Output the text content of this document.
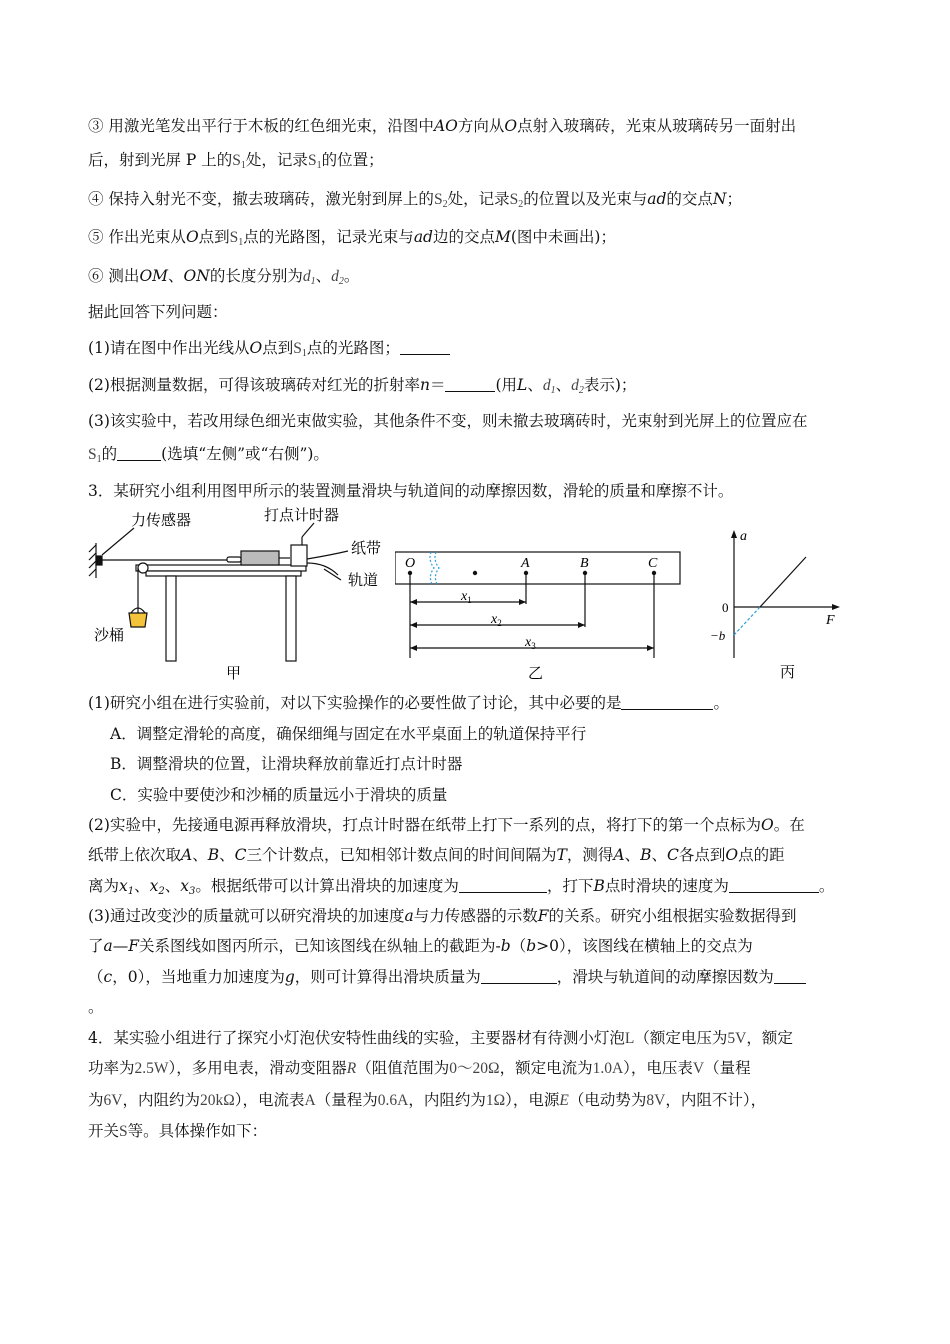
③ 用激光笔发出平行于木板的红色细光束，沿图中AO方向从O点射入玻璃砖，光束从玻璃砖另一面射出
后，射到光屏 P 上的$S_1$处，记录$S_1$的位置；
④ 保持入射光不变，撤去玻璃砖，激光射到屏上的$S_2$处，记录$S_2$的位置以及光束与ad的交点N；
⑤ 作出光束从O点到$S_1$点的光路图，记录光束与ad边的交点M(图中未画出)；
⑥ 测出OM、ON的长度分别为$d_1$、$d_2$。
据此回答下列问题：
(1)请在图中作出光线从O点到$S_1$点的光路图；
(2)根据测量数据，可得该玻璃砖对红光的折射率n＝	(用L、$d_1$、$d_2$表示)；
(3)该实验中，若改用绿色细光束做实验，其他条件不变，则未撤去玻璃砖时，光束射到光屏上的位置应在
$S_1$的	(选填“左侧”或“右侧”)。
3．某研究小组利用图甲所示的装置测量滑块与轨道间的动摩擦因数，滑轮的质量和摩擦不计。
力传感器	打点计时器
纸带
轨道
沙桶
甲
O	A	B	C
$x_1$
$x_2$
$x_3$
乙
a
F
0
−b
丙
(1)研究小组在进行实验前，对以下实验操作的必要性做了讨论，其中必要的是	。
A．调整定滑轮的高度，确保细绳与固定在水平桌面上的轨道保持平行
B．调整滑块的位置，让滑块释放前靠近打点计时器
C．实验中要使沙和沙桶的质量远小于滑块的质量
(2)实验中，先接通电源再释放滑块，打点计时器在纸带上打下一系列的点，将打下的第一个点标为O。在
纸带上依次取A、B、C三个计数点，已知相邻计数点间的时间间隔为T，测得A、B、C各点到O点的距
离为$x_1$、$x_2$、$x_3$。根据纸带可以计算出滑块的加速度为	，打下B点时滑块的速度为	。
(3)通过改变沙的质量就可以研究滑块的加速度a与力传感器的示数F的关系。研究小组根据实验数据得到
了a—F关系图线如图丙所示，已知该图线在纵轴上的截距为-b（b>0），该图线在横轴上的交点为
（c，0），当地重力加速度为g，则可计算得出滑块质量为	，滑块与轨道间的动摩擦因数为
。
4．某实验小组进行了探究小灯泡伏安特性曲线的实验，主要器材有待测小灯泡L（额定电压为5V，额定
功率为2.5W），多用电表，滑动变阻器R（阻值范围为0～20Ω，额定电流为1.0A），电压表V（量程
为6V，内阻约为20kΩ），电流表A（量程为0.6A，内阻约为1Ω），电源E（电动势为8V，内阻不计），
开关S等。具体操作如下：
